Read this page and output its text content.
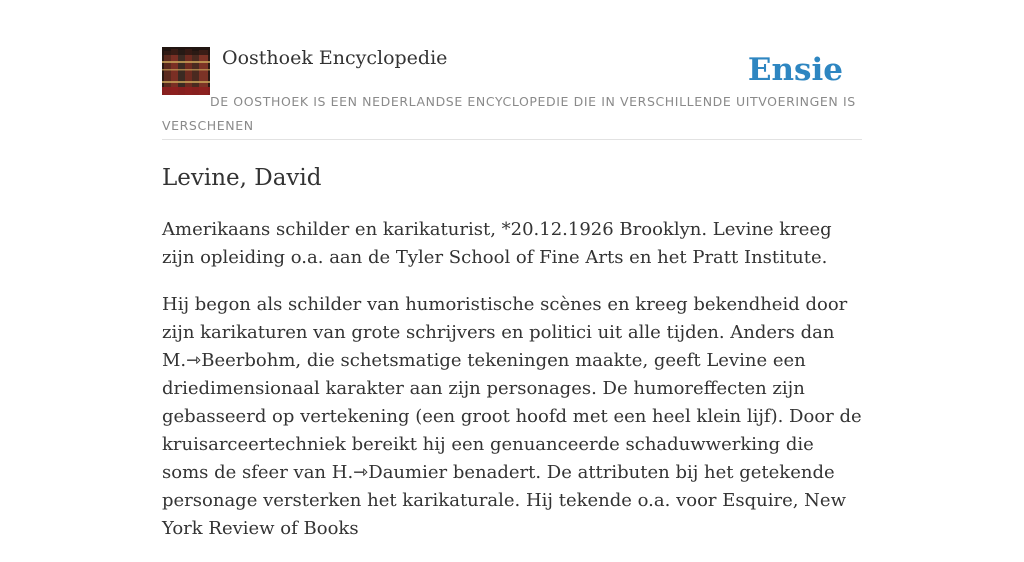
Oosthoek Encyclopedie	Ensie
DE OOSTHOEK IS EEN NEDERLANDSE ENCYCLOPEDIE DIE IN VERSCHILLENDE UITVOERINGEN IS VERSCHENEN
Levine, David

Amerikaans schilder en karikaturist, *20.12.1926 Brooklyn. Levine kreeg zijn opleiding o.a. aan de Tyler School of Fine Arts en het Pratt Institute.

Hij begon als schilder van humoristische scènes en kreeg bekendheid door zijn karikaturen van grote schrijvers en politici uit alle tijden. Anders dan M.⇾Beerbohm, die schetsmatige tekeningen maakte, geeft Levine een driedimensionaal karakter aan zijn personages. De humoreffecten zijn gebasseerd op vertekening (een groot hoofd met een heel klein lijf). Door de kruisarceertechniek bereikt hij een genuanceerde schaduwwerking die soms de sfeer van H.⇾Daumier benadert. De attributen bij het getekende personage versterken het karikaturale. Hij tekende o.a. voor Esquire, New York Review of Books
